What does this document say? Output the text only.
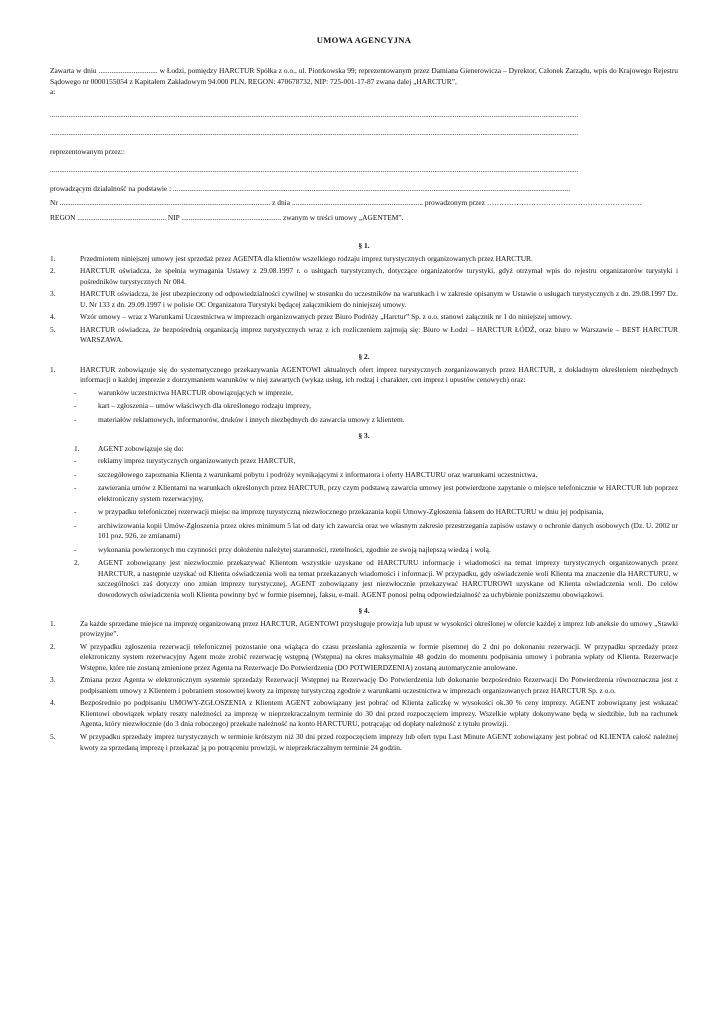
UMOWA AGENCYJNA

Zawarta w dniu ................................ w Łodzi, pomiędzy HARCTUR Spółka z o.o., ul. Piotrkowska 99; reprezentowanym przez Damiana Gienerowicza – Dyrektor, Członek Zarządu, wpis do Krajowego Rejestru Sądowego nr 0000155054 z Kapitałem Zakładowym 94.000 PLN, REGON: 470678732, NIP: 725-001-17-87 zwana dalej „HARCTUR”,

a:

..............................................................................................................................................................................................................................................................................................

..............................................................................................................................................................................................................................................................................................

reprezentowanym przez::

..............................................................................................................................................................................................................................................................................................

prowadzącym działalność na podstawie : .......................................................................................................................................................................................................................

Nr .................................................................................................................. z dnia ....................................................................... prowadzonym przez ………………………………………………………

REGON ................................................ NIP ...................................................... zwanym w treści umowy „AGENTEM”.

§ 1.
1.	Przedmiotem niniejszej umowy jest sprzedaż przez AGENTA dla klientów wszelkiego rodzaju imprez turystycznych organizowanych przez HARCTUR.
2.	HARCTUR oświadcza, że spełnia wymagania Ustawy z 29.08.1997 r. o usługach turystycznych, dotyczące organizatorów turystyki, gdyż otrzymał wpis do rejestru organizatorów turystyki i pośredników turystycznych Nr 084.
3.	HARCTUR oświadcza, że jest ubezpieczony od odpowiedzialności cywilnej w stosunku do uczestników na warunkach i w zakresie opisanym w Ustawie o usługach turystycznych z dn. 29.08.1997 Dz. U. Nr 133 z dn. 29.09.1997 i w polisie OC Organizatora Turystyki będącej załącznikiem do niniejszej umowy.
4.	Wzór umowy – wraz z Warunkami Uczestnictwa w imprezach organizowanych przez Biuro Podróży „Harctur” Sp. z o.o. stanowi załącznik nr 1 do niniejszej umowy.
5.	HARCTUR oświadcza, że bezpośrednią organizacją imprez turystycznych wraz z ich rozliczeniem zajmują się: Biuro w Łodzi – HARCTUR ŁÓDŹ, oraz biuro w Warszawie – BEST HARCTUR WARSZAWA.
§ 2.
1.	HARCTUR zobowiązuje się do systematycznego przekazywania AGENTOWI aktualnych ofert imprez turystycznych zorganizowanych przez HARCTUR, z dokładnym określeniem niezbędnych informacji o każdej imprezie z dotrzymaniem warunków w niej zawartych (wykaz usług, ich rodzaj i charakter, cen imprez i upustów cenowych) oraz:
-	warunków uczestnictwa HARCTUR obowiązujących w imprezie,
-	kart – zgłoszenia – umów właściwych dla określonego rodzaju imprezy,
-	materiałów reklamowych, informatorów, druków i innych niezbędnych do zawarcia umowy z klientem.
§ 3.
1. AGENT zobowiązuje się do:
-	reklamy imprez turystycznych organizowanych przez HARCTUR,
-	szczegółowego zapoznania Klienta z warunkami pobytu i podróży wynikającymi z informatora i oferty HARCTURU oraz warunkami uczestnictwa,
-	zawierania umów z Klientami na warunkach określonych przez HARCTUR, przy czym podstawą zawarcia umowy jest potwierdzone zapytanie o miejsce telefonicznie w HARCTUR lub poprzez elektroniczny system rezerwacyjny,
-	w przypadku telefonicznej rezerwacji miejsc na imprezę turystyczną niezwłocznego przekazania kopii Umowy-Zgłoszenia faksem do HARCTURU w dniu jej podpisania,
-	archiwizowania kopii Umów-Zgłoszenia przez okres minimum 5 lat od daty ich zawarcia oraz we własnym zakresie przestrzegania zapisów ustawy o ochronie danych osobowych (Dz. U. 2002 nr 101 poz. 926, ze zmianami)
-	wykonania powierzonych mu czynności przy dołożeniu należytej staranności, rzetelności, zgodnie ze swoją najlepszą wiedzą i wolą.
2. AGENT zobowiązany jest niezwłocznie przekazywać Klientom wszystkie uzyskane od HARCTURU informacje i wiadomości na temat imprezy turystycznych organizowanych przez HARCTUR, a następnie uzyskać od Klienta oświadczenia woli na temat przekazanych wiadomości i informacji. W przypadku, gdy oświadczenie woli Klienta ma znaczenie dla HARCTURU, w szczególności zaś dotyczy ono zmian imprezy turystycznej, AGENT zobowiązany jest niezwłocznie przekazywać HARCTUROWI uzyskane od Klienta oświadczenia woli. Do celów dowodowych oświadczenia woli Klienta powinny być w formie pisemnej, faksu, e-mail. AGENT ponosi pełną odpowiedzialność za uchybienie poniższemu obowiązkowi.
§ 4.
1.	Za każde sprzedane miejsce na imprezę organizowaną przez HARCTUR, AGENTOWI przysługuje prowizja lub upust w wysokości określonej w ofercie każdej z imprez lub aneksie do umowy „Stawki prowizyjne”.
2.	W przypadku zgłoszenia rezerwacji telefonicznej pozostanie ona wiążąca do czasu przesłania zgłoszenia w formie pisemnej do 2 dni po dokonaniu rezerwacji. W przypadku sprzedaży przez elektroniczny system rezerwacyjny Agent może zrobić rezerwację wstępną (Wstępna) na okres maksymalnie 48 godzin do momentu podpisania umowy i pobrania wpłaty od Klienta. Rezerwacje Wstępne, które nie zostaną zmienione przez Agenta na Rezerwacje Do Potwierdzenia (DO POTWIERDZENIA) zostaną automatycznie anulowane.
3.	Zmiana przez Agenta w elektronicznym systemie sprzedaży Rezerwacji Wstępnej na Rezerwację Do Potwierdzenia lub dokonanie bezpośrednio Rezerwacji Do Potwierdzenia równoznaczna jest z podpisaniem umowy z Klientem i pobraniem stosownej kwoty za imprezę turystyczną zgodnie z warunkami uczestnictwa w imprezach organizowanych przez HARCTUR Sp. z o.o.
4.	Bezpośrednio po podpisaniu UMOWY-ZGŁOSZENIA z Klientem AGENT zobowiązany jest pobrać od Klienta zaliczkę w wysokości ok.30 % ceny imprezy. AGENT zobowiązany jest wskazać Klientowi obowiązek wpłaty reszty należności za imprezę w nieprzekraczalnym terminie do 30 dni przed rozpoczęciem imprezy. Wszelkie wpłaty dokonywane będą w siedzibie, lub na rachunek Agenta, który niezwłocznie (do 3 dnia roboczego) przekaże należność na konto HARCTURU, potrącając od dopłaty należność z tytułu prowizji.
5.	W przypadku sprzedaży imprez turystycznych w terminie krótszym niż 30 dni przed rozpoczęciem imprezy lub ofert typu Last Minute AGENT zobowiązany jest pobrać od KLIENTA całość należnej kwoty za sprzedaną imprezę i przekazać ją po potrąceniu prowizji, w nieprzekraczalnym terminie 24 godzin.
